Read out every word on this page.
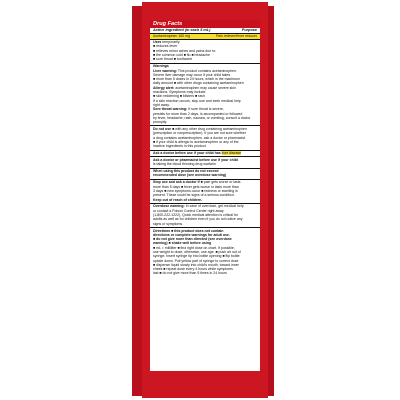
Drug Facts
Active ingredient (in each 5 mL)	Purpose
Acetaminophen 160 mg	Pain reliever/fever reducer
Uses temporarily
■ reduces fever
■ relieves minor aches and pains due to:
■ the common cold ■ flu ■ headache
■ sore throat ■ toothache
Warnings
Liver warning: This product contains acetaminophen.
Severe liver damage may occur if your child takes
■ more than 5 doses in 24 hours, which is the maximum
daily amount ■ with other drugs containing acetaminophen
Allergy alert: acetaminophen may cause severe skin
reactions. Symptoms may include:
■ skin reddening ■ blisters ■ rash
If a skin reaction occurs, stop use and seek medical help
right away.
Sore throat warning: If sore throat is severe,
persists for more than 2 days, is accompanied or followed
by fever, headache, rash, nausea, or vomiting, consult a doctor
promptly.
Do not use ■ with any other drug containing acetaminophen
(prescription or nonprescription). If you are not sure whether
a drug contains acetaminophen, ask a doctor or pharmacist.
■ if your child is allergic to acetaminophen or any of the
inactive ingredients in this product
Ask a doctor before use if your child has liver disease
Ask a doctor or pharmacist before use if your child
is taking the blood thinning drug warfarin
When using this product do not exceed
recommended dose (see overdose warning)
Stop use and ask a doctor if ■ pain gets worse or lasts
more than 5 days ■ fever gets worse or lasts more than
3 days ■ new symptoms occur ■ redness or swelling is
present. These could be signs of a serious condition.
Keep out of reach of children.
Overdose warning: In case of overdose, get medical help
or contact a Poison Control Center right away
(1-800-222-1222). Quick medical attention is critical for
adults as well as for children even if you do not notice any
signs or symptoms.
Directions ■ this product does not contain
directions or complete warnings for adult use.
■ do not give more than directed (see overdose
warning) ■ shake well before using
■ mL = milliliter ■ find right dose on chart. If possible,
use weight to dose; otherwise, use age. ■ push air out of
syringe. Insert syringe tip into bottle opening ■ flip bottle
upside down. Pull yellow part of syringe to correct dose
■ dispense liquid slowly into child's mouth, toward inner
cheek ■ repeat dose every 4 hours while symptoms
last ■ do not give more than 5 times in 24 hours
